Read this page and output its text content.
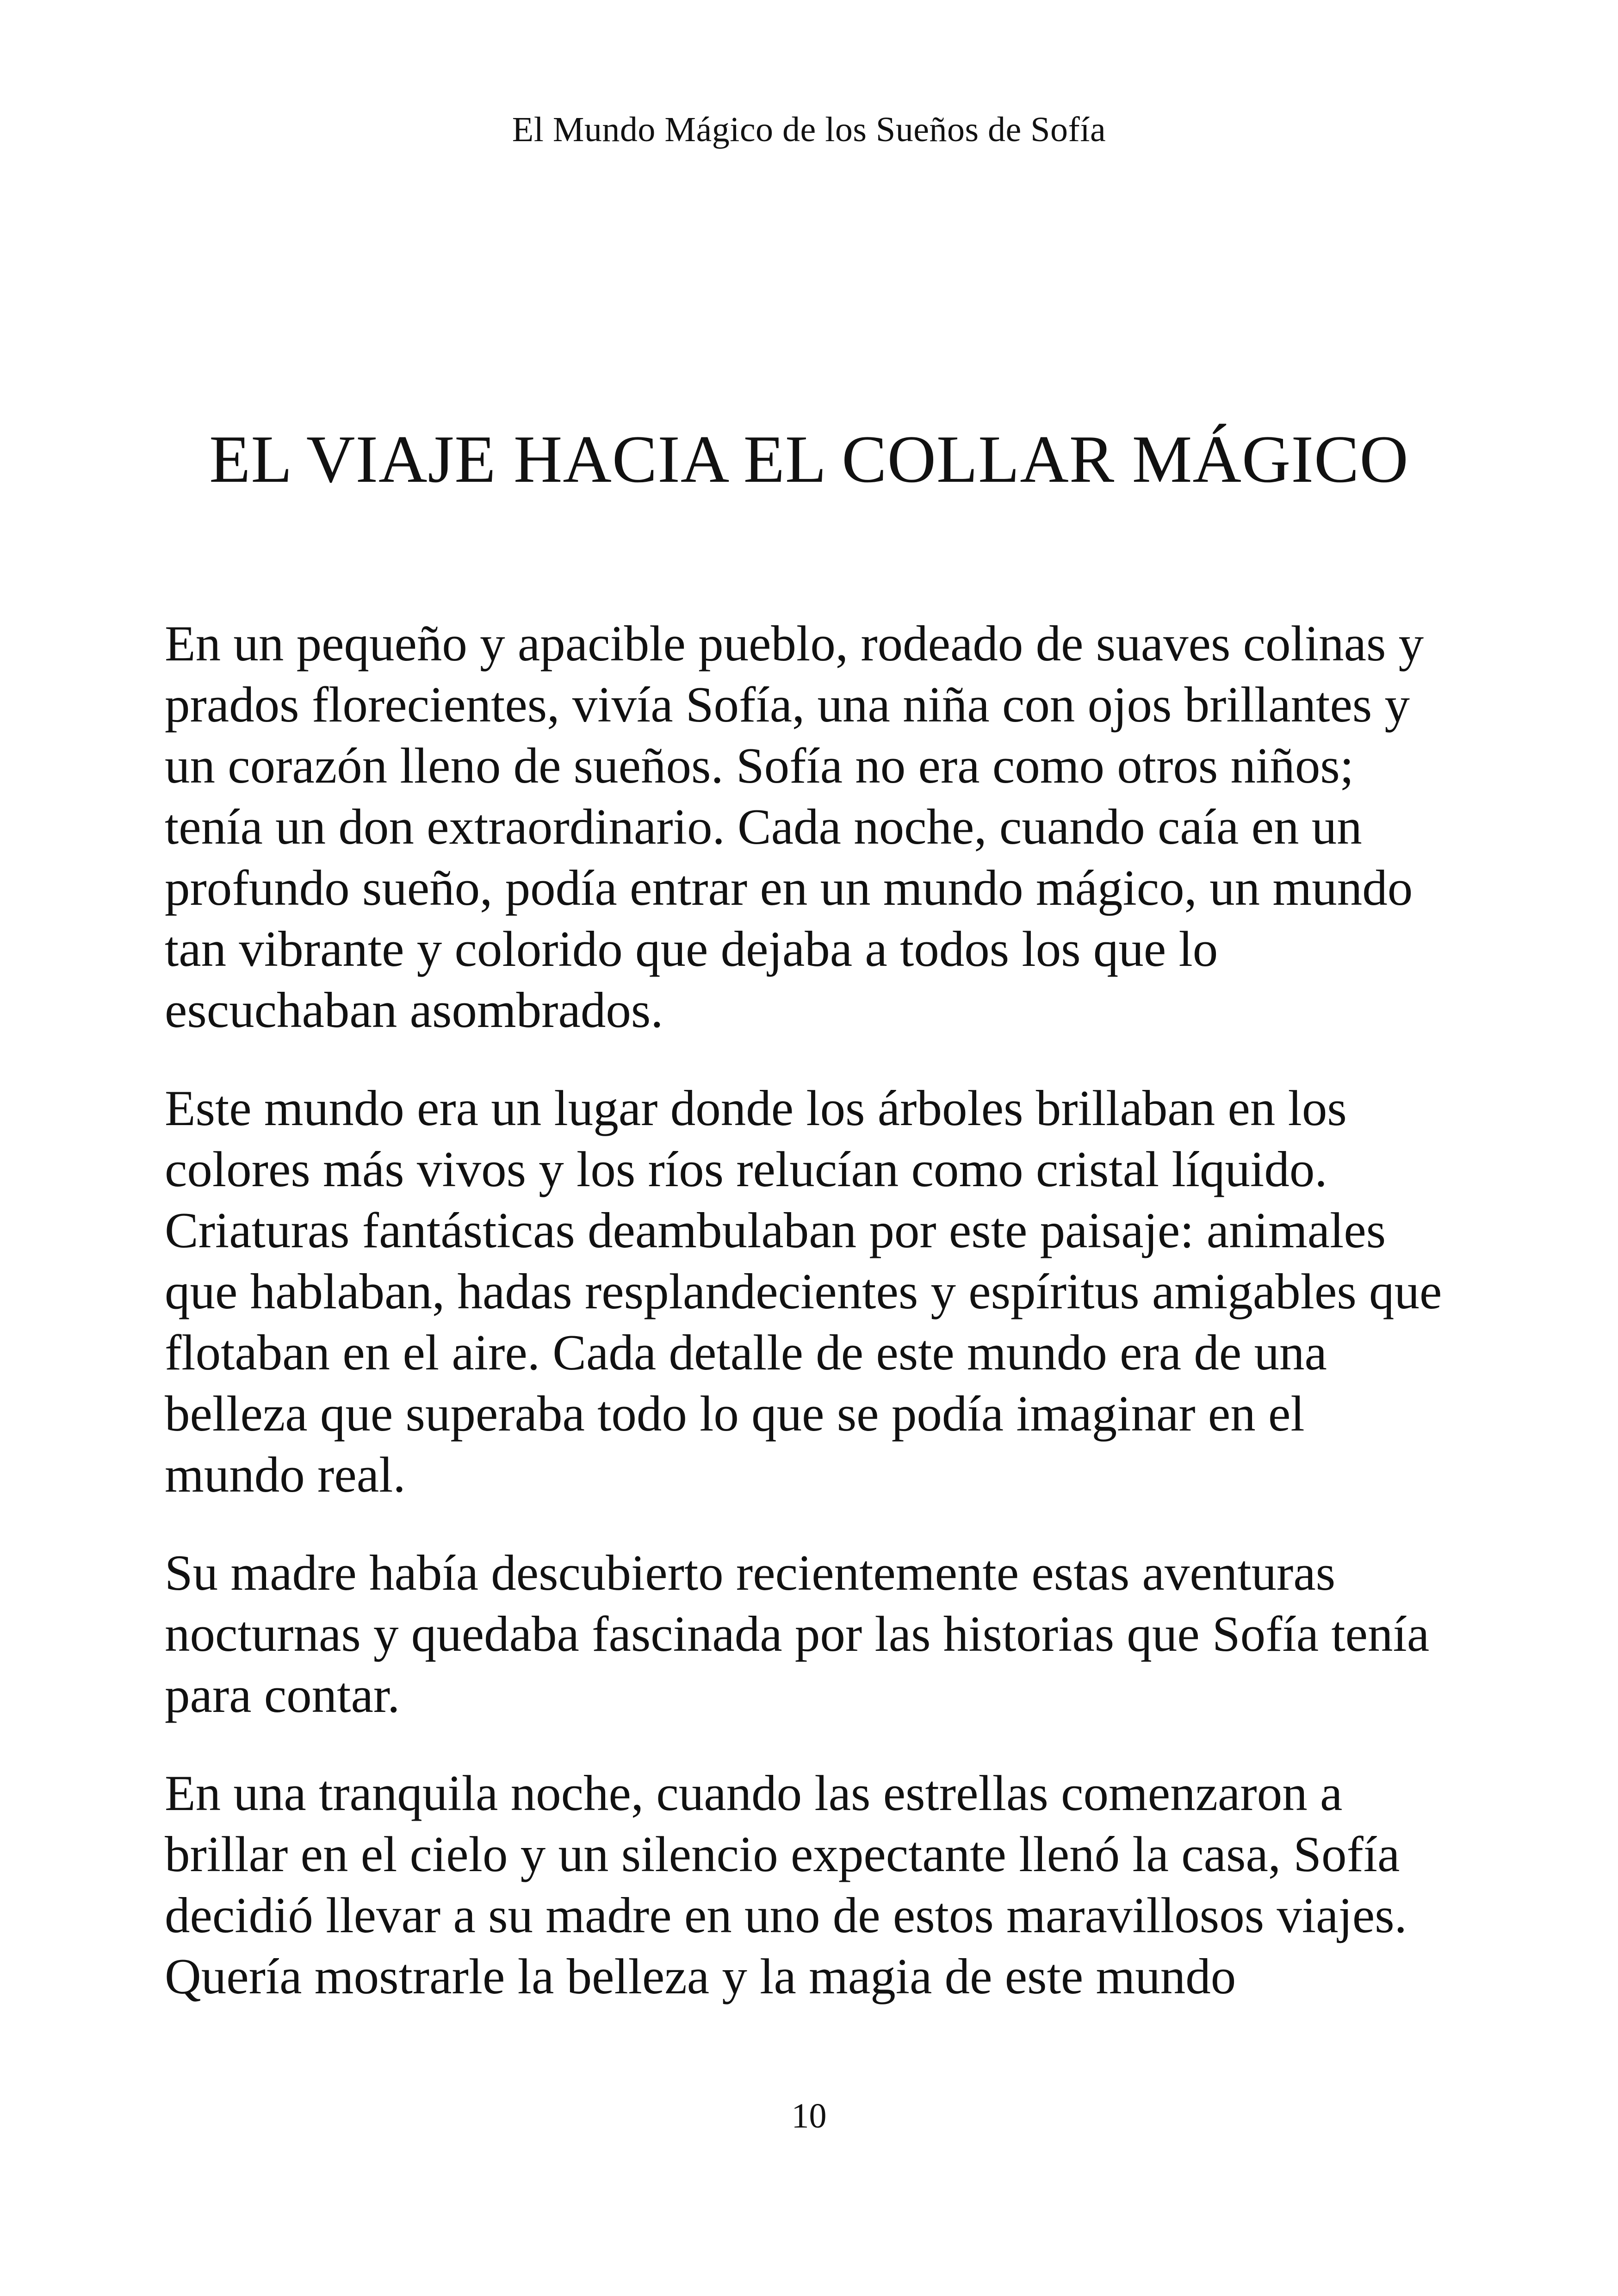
El Mundo Mágico de los Sueños de Sofía
EL VIAJE HACIA EL COLLAR MÁGICO

En un pequeño y apacible pueblo, rodeado de suaves colinas y prados florecientes, vivía Sofía, una niña con ojos brillantes y un corazón lleno de sueños. Sofía no era como otros niños; tenía un don extraordinario. Cada noche, cuando caía en un profundo sueño, podía entrar en un mundo mágico, un mundo tan vibrante y colorido que dejaba a todos los que lo escuchaban asombrados.

Este mundo era un lugar donde los árboles brillaban en los colores más vivos y los ríos relucían como cristal líquido. Criaturas fantásticas deambulaban por este paisaje: animales que hablaban, hadas resplandecientes y espíritus amigables que flotaban en el aire. Cada detalle de este mundo era de una belleza que superaba todo lo que se podía imaginar en el mundo real.

Su madre había descubierto recientemente estas aventuras nocturnas y quedaba fascinada por las historias que Sofía tenía para contar.

En una tranquila noche, cuando las estrellas comenzaron a brillar en el cielo y un silencio expectante llenó la casa, Sofía decidió llevar a su madre en uno de estos maravillosos viajes. Quería mostrarle la belleza y la magia de este mundo

10
